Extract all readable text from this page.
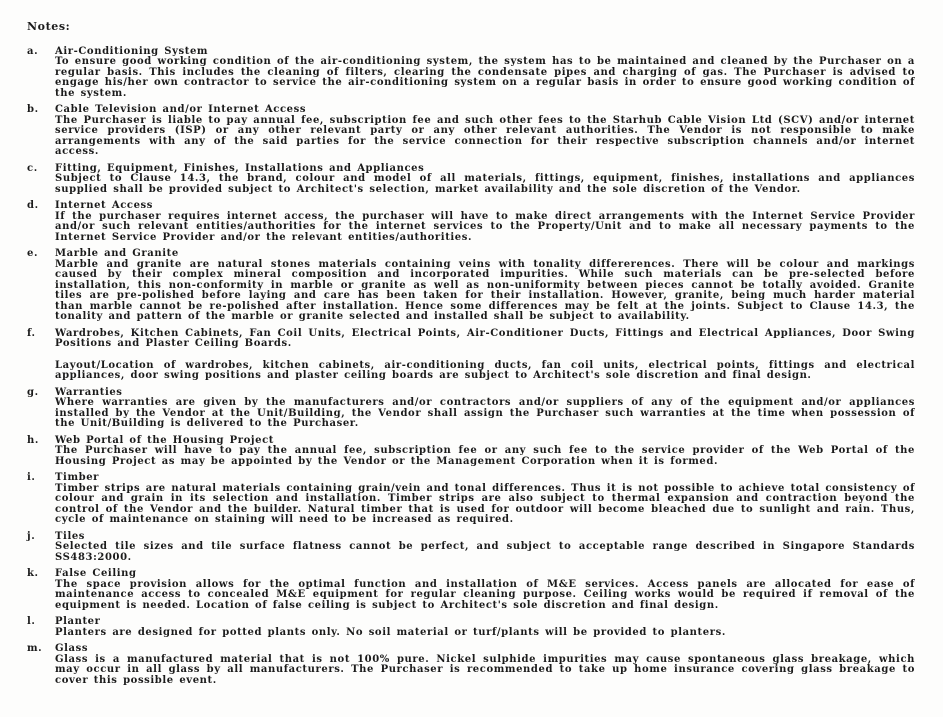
Notes:
a.	Air-Conditioning System

To ensure good working condition of the air-conditioning system, the system has to be maintained and cleaned by the Purchaser on a regular basis. This includes the cleaning of filters, clearing the condensate pipes and charging of gas. The Purchaser is advised to engage his/her own contractor to service the air-conditioning system on a regular basis in order to ensure good working condition of the system.

b.	Cable Television and/or Internet Access

The Purchaser is liable to pay annual fee, subscription fee and such other fees to the Starhub Cable Vision Ltd (SCV) and/or internet service providers (ISP) or any other relevant party or any other relevant authorities. The Vendor is not responsible to make arrangements with any of the said parties for the service connection for their respective subscription channels and/or internet access.

c.	Fitting, Equipment, Finishes, Installations and Appliances

Subject to Clause 14.3, the brand, colour and model of all materials, fittings, equipment, finishes, installations and appliances supplied shall be provided subject to Architect's selection, market availability and the sole discretion of the Vendor.

d.	Internet Access

If the purchaser requires internet access, the purchaser will have to make direct arrangements with the Internet Service Provider and/or such relevant entities/authorities for the internet services to the Property/Unit and to make all necessary payments to the Internet Service Provider and/or the relevant entities/authorities.

e.	Marble and Granite

Marble and granite are natural stones materials containing veins with tonality differerences. There will be colour and markings caused by their complex mineral composition and incorporated impurities. While such materials can be pre-selected before installation, this non-conformity in marble or granite as well as non-uniformity between pieces cannot be totally avoided. Granite tiles are pre-polished before laying and care has been taken for their installation. However, granite, being much harder material than marble cannot be re-polished after installation. Hence some differences may be felt at the joints. Subject to Clause 14.3, the tonality and pattern of the marble or granite selected and installed shall be subject to availability.

f.	Wardrobes, Kitchen Cabinets, Fan Coil Units, Electrical Points, Air-Conditioner Ducts, Fittings and Electrical Appliances, Door Swing Positions and Plaster Ceiling Boards.

Layout/Location of wardrobes, kitchen cabinets, air-conditioning ducts, fan coil units, electrical points, fittings and electrical appliances, door swing positions and plaster ceiling boards are subject to Architect's sole discretion and final design.

g.	Warranties

Where warranties are given by the manufacturers and/or contractors and/or suppliers of any of the equipment and/or appliances installed by the Vendor at the Unit/Building, the Vendor shall assign the Purchaser such warranties at the time when possession of the Unit/Building is delivered to the Purchaser.

h.	Web Portal of the Housing Project

The Purchaser will have to pay the annual fee, subscription fee or any such fee to the service provider of the Web Portal of the Housing Project as may be appointed by the Vendor or the Management Corporation when it is formed.

i.	Timber

Timber strips are natural materials containing grain/vein and tonal differences. Thus it is not possible to achieve total consistency of colour and grain in its selection and installation. Timber strips are also subject to thermal expansion and contraction beyond the control of the Vendor and the builder. Natural timber that is used for outdoor will become bleached due to sunlight and rain. Thus, cycle of maintenance on staining will need to be increased as required.

j.	Tiles

Selected tile sizes and tile surface flatness cannot be perfect, and subject to acceptable range described in Singapore Standards SS483:2000.

k.	False Ceiling

The space provision allows for the optimal function and installation of M&E services. Access panels are allocated for ease of maintenance access to concealed M&E equipment for regular cleaning purpose. Ceiling works would be required if removal of the equipment is needed. Location of false ceiling is subject to Architect's sole discretion and final design.

l.	Planter

Planters are designed for potted plants only. No soil material or turf/plants will be provided to planters.

m.	Glass

Glass is a manufactured material that is not 100% pure. Nickel sulphide impurities may cause spontaneous glass breakage, which may occur in all glass by all manufacturers. The Purchaser is recommended to take up home insurance covering glass breakage to cover this possible event.
